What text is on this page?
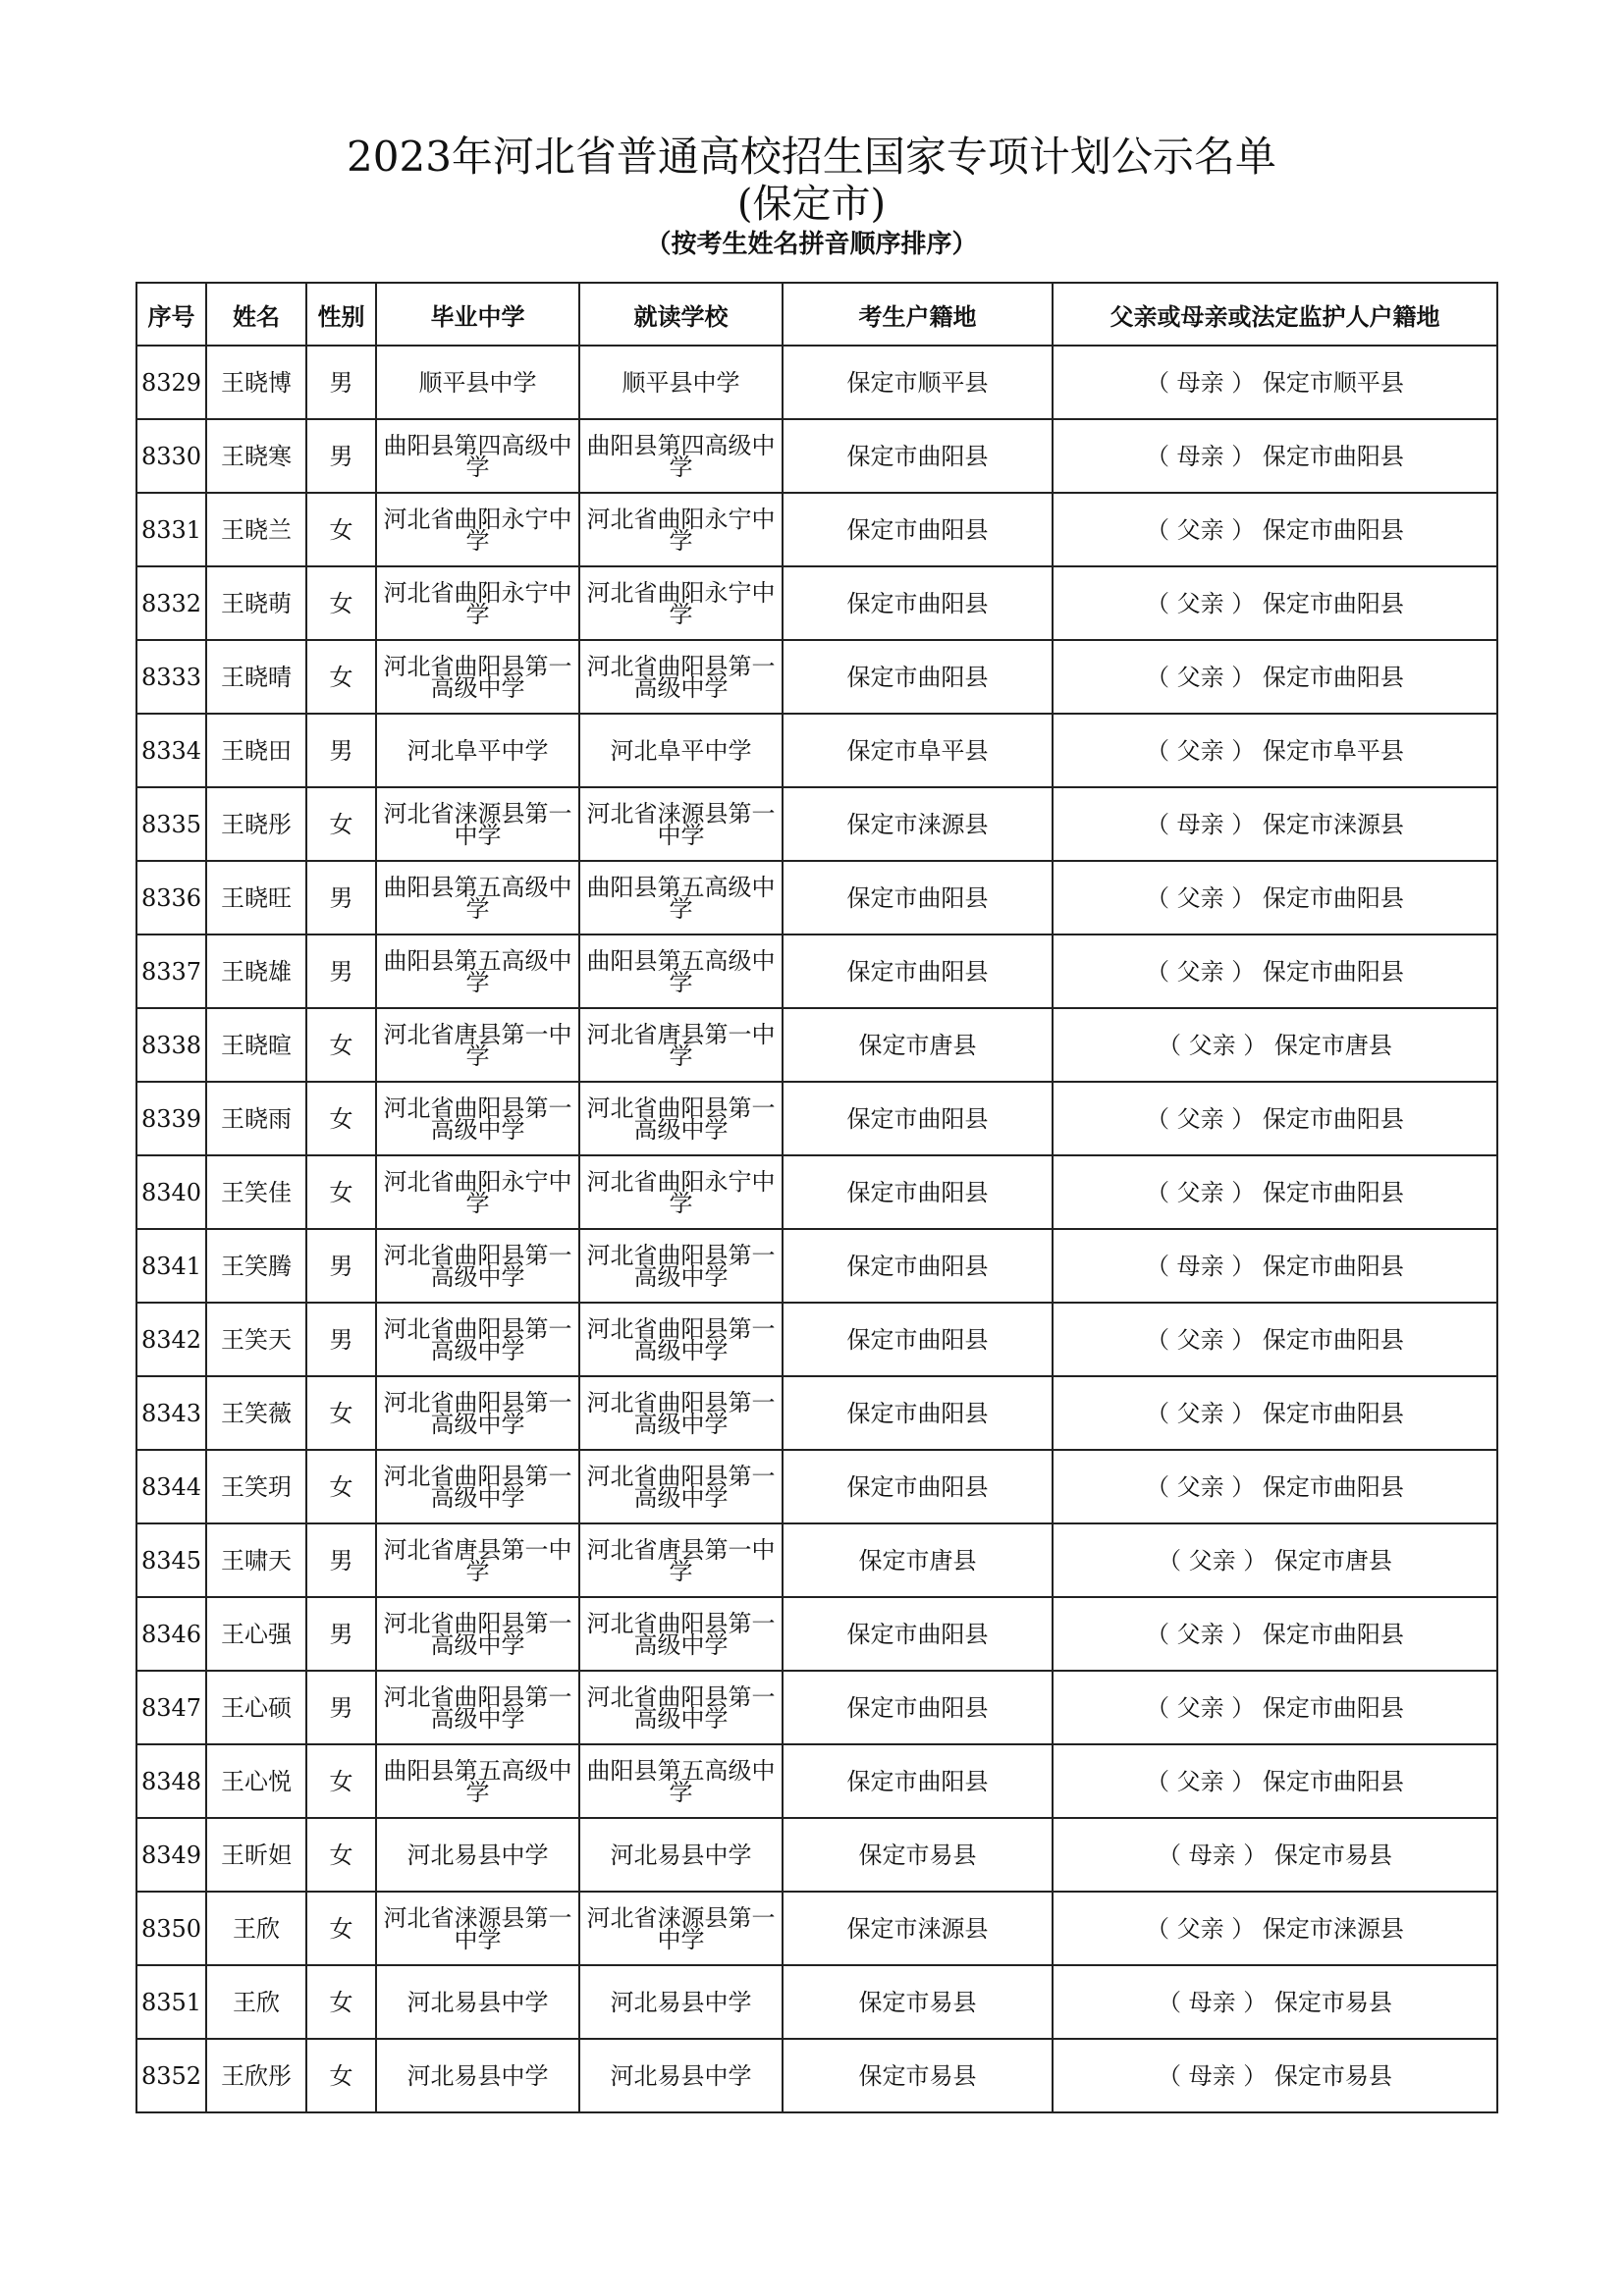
2023年河北省普通高校招生国家专项计划公示名单
(保定市)
（按考生姓名拼音顺序排序）
序号	姓名	性别	毕业中学	就读学校	考生户籍地	父亲或母亲或法定监护人户籍地
8329	王晓博	男	顺平县中学	顺平县中学	保定市顺平县	（ 母亲 ） 保定市顺平县
8330	王晓寒	男	曲阳县第四高级中学	曲阳县第四高级中学	保定市曲阳县	（ 母亲 ） 保定市曲阳县
8331	王晓兰	女	河北省曲阳永宁中学	河北省曲阳永宁中学	保定市曲阳县	（ 父亲 ） 保定市曲阳县
8332	王晓萌	女	河北省曲阳永宁中学	河北省曲阳永宁中学	保定市曲阳县	（ 父亲 ） 保定市曲阳县
8333	王晓晴	女	河北省曲阳县第一高级中学	河北省曲阳县第一高级中学	保定市曲阳县	（ 父亲 ） 保定市曲阳县
8334	王晓田	男	河北阜平中学	河北阜平中学	保定市阜平县	（ 父亲 ） 保定市阜平县
8335	王晓彤	女	河北省涞源县第一中学	河北省涞源县第一中学	保定市涞源县	（ 母亲 ） 保定市涞源县
8336	王晓旺	男	曲阳县第五高级中学	曲阳县第五高级中学	保定市曲阳县	（ 父亲 ） 保定市曲阳县
8337	王晓雄	男	曲阳县第五高级中学	曲阳县第五高级中学	保定市曲阳县	（ 父亲 ） 保定市曲阳县
8338	王晓暄	女	河北省唐县第一中学	河北省唐县第一中学	保定市唐县	（ 父亲 ） 保定市唐县
8339	王晓雨	女	河北省曲阳县第一高级中学	河北省曲阳县第一高级中学	保定市曲阳县	（ 父亲 ） 保定市曲阳县
8340	王笑佳	女	河北省曲阳永宁中学	河北省曲阳永宁中学	保定市曲阳县	（ 父亲 ） 保定市曲阳县
8341	王笑腾	男	河北省曲阳县第一高级中学	河北省曲阳县第一高级中学	保定市曲阳县	（ 母亲 ） 保定市曲阳县
8342	王笑天	男	河北省曲阳县第一高级中学	河北省曲阳县第一高级中学	保定市曲阳县	（ 父亲 ） 保定市曲阳县
8343	王笑薇	女	河北省曲阳县第一高级中学	河北省曲阳县第一高级中学	保定市曲阳县	（ 父亲 ） 保定市曲阳县
8344	王笑玥	女	河北省曲阳县第一高级中学	河北省曲阳县第一高级中学	保定市曲阳县	（ 父亲 ） 保定市曲阳县
8345	王啸天	男	河北省唐县第一中学	河北省唐县第一中学	保定市唐县	（ 父亲 ） 保定市唐县
8346	王心强	男	河北省曲阳县第一高级中学	河北省曲阳县第一高级中学	保定市曲阳县	（ 父亲 ） 保定市曲阳县
8347	王心硕	男	河北省曲阳县第一高级中学	河北省曲阳县第一高级中学	保定市曲阳县	（ 父亲 ） 保定市曲阳县
8348	王心悦	女	曲阳县第五高级中学	曲阳县第五高级中学	保定市曲阳县	（ 父亲 ） 保定市曲阳县
8349	王昕妲	女	河北易县中学	河北易县中学	保定市易县	（ 母亲 ） 保定市易县
8350	王欣	女	河北省涞源县第一中学	河北省涞源县第一中学	保定市涞源县	（ 父亲 ） 保定市涞源县
8351	王欣	女	河北易县中学	河北易县中学	保定市易县	（ 母亲 ） 保定市易县
8352	王欣彤	女	河北易县中学	河北易县中学	保定市易县	（ 母亲 ） 保定市易县
